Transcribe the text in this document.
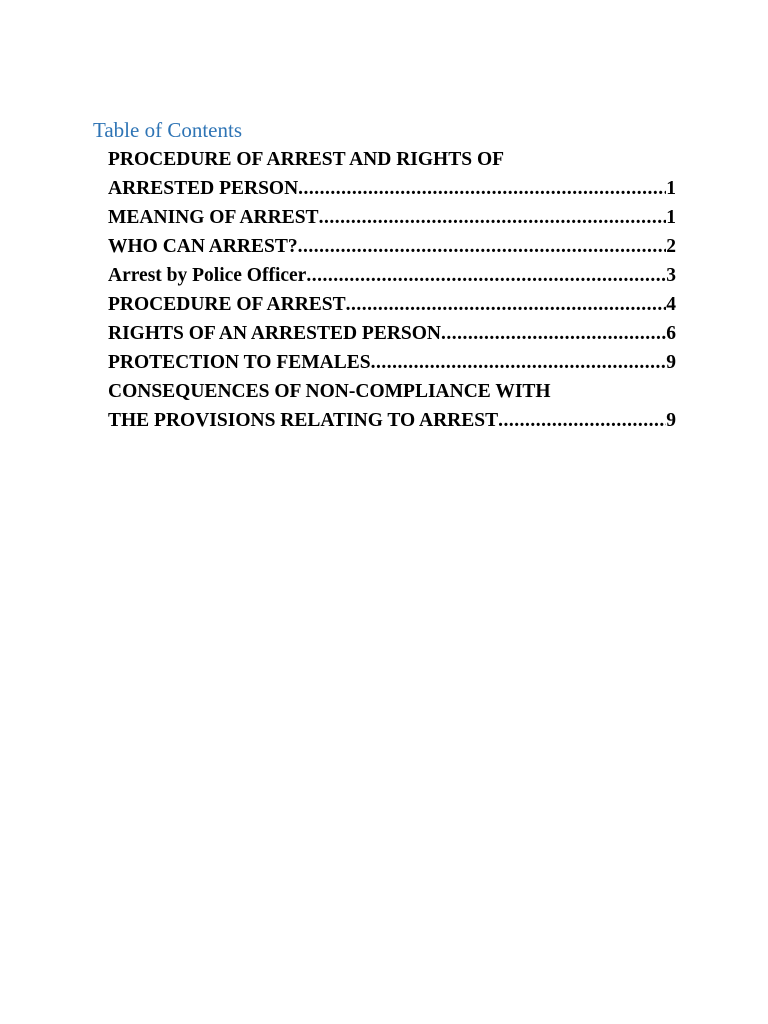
Table of Contents
PROCEDURE OF ARREST AND RIGHTS OF
ARRESTED PERSON .....	1
MEANING OF ARREST .....	1
WHO CAN ARREST? .....	2
Arrest by Police Officer .....	3
PROCEDURE OF ARREST .....	4
RIGHTS OF AN ARRESTED PERSON .....	6
PROTECTION TO FEMALES .....	9
CONSEQUENCES OF NON-COMPLIANCE WITH
THE PROVISIONS RELATING TO ARREST .....	9
